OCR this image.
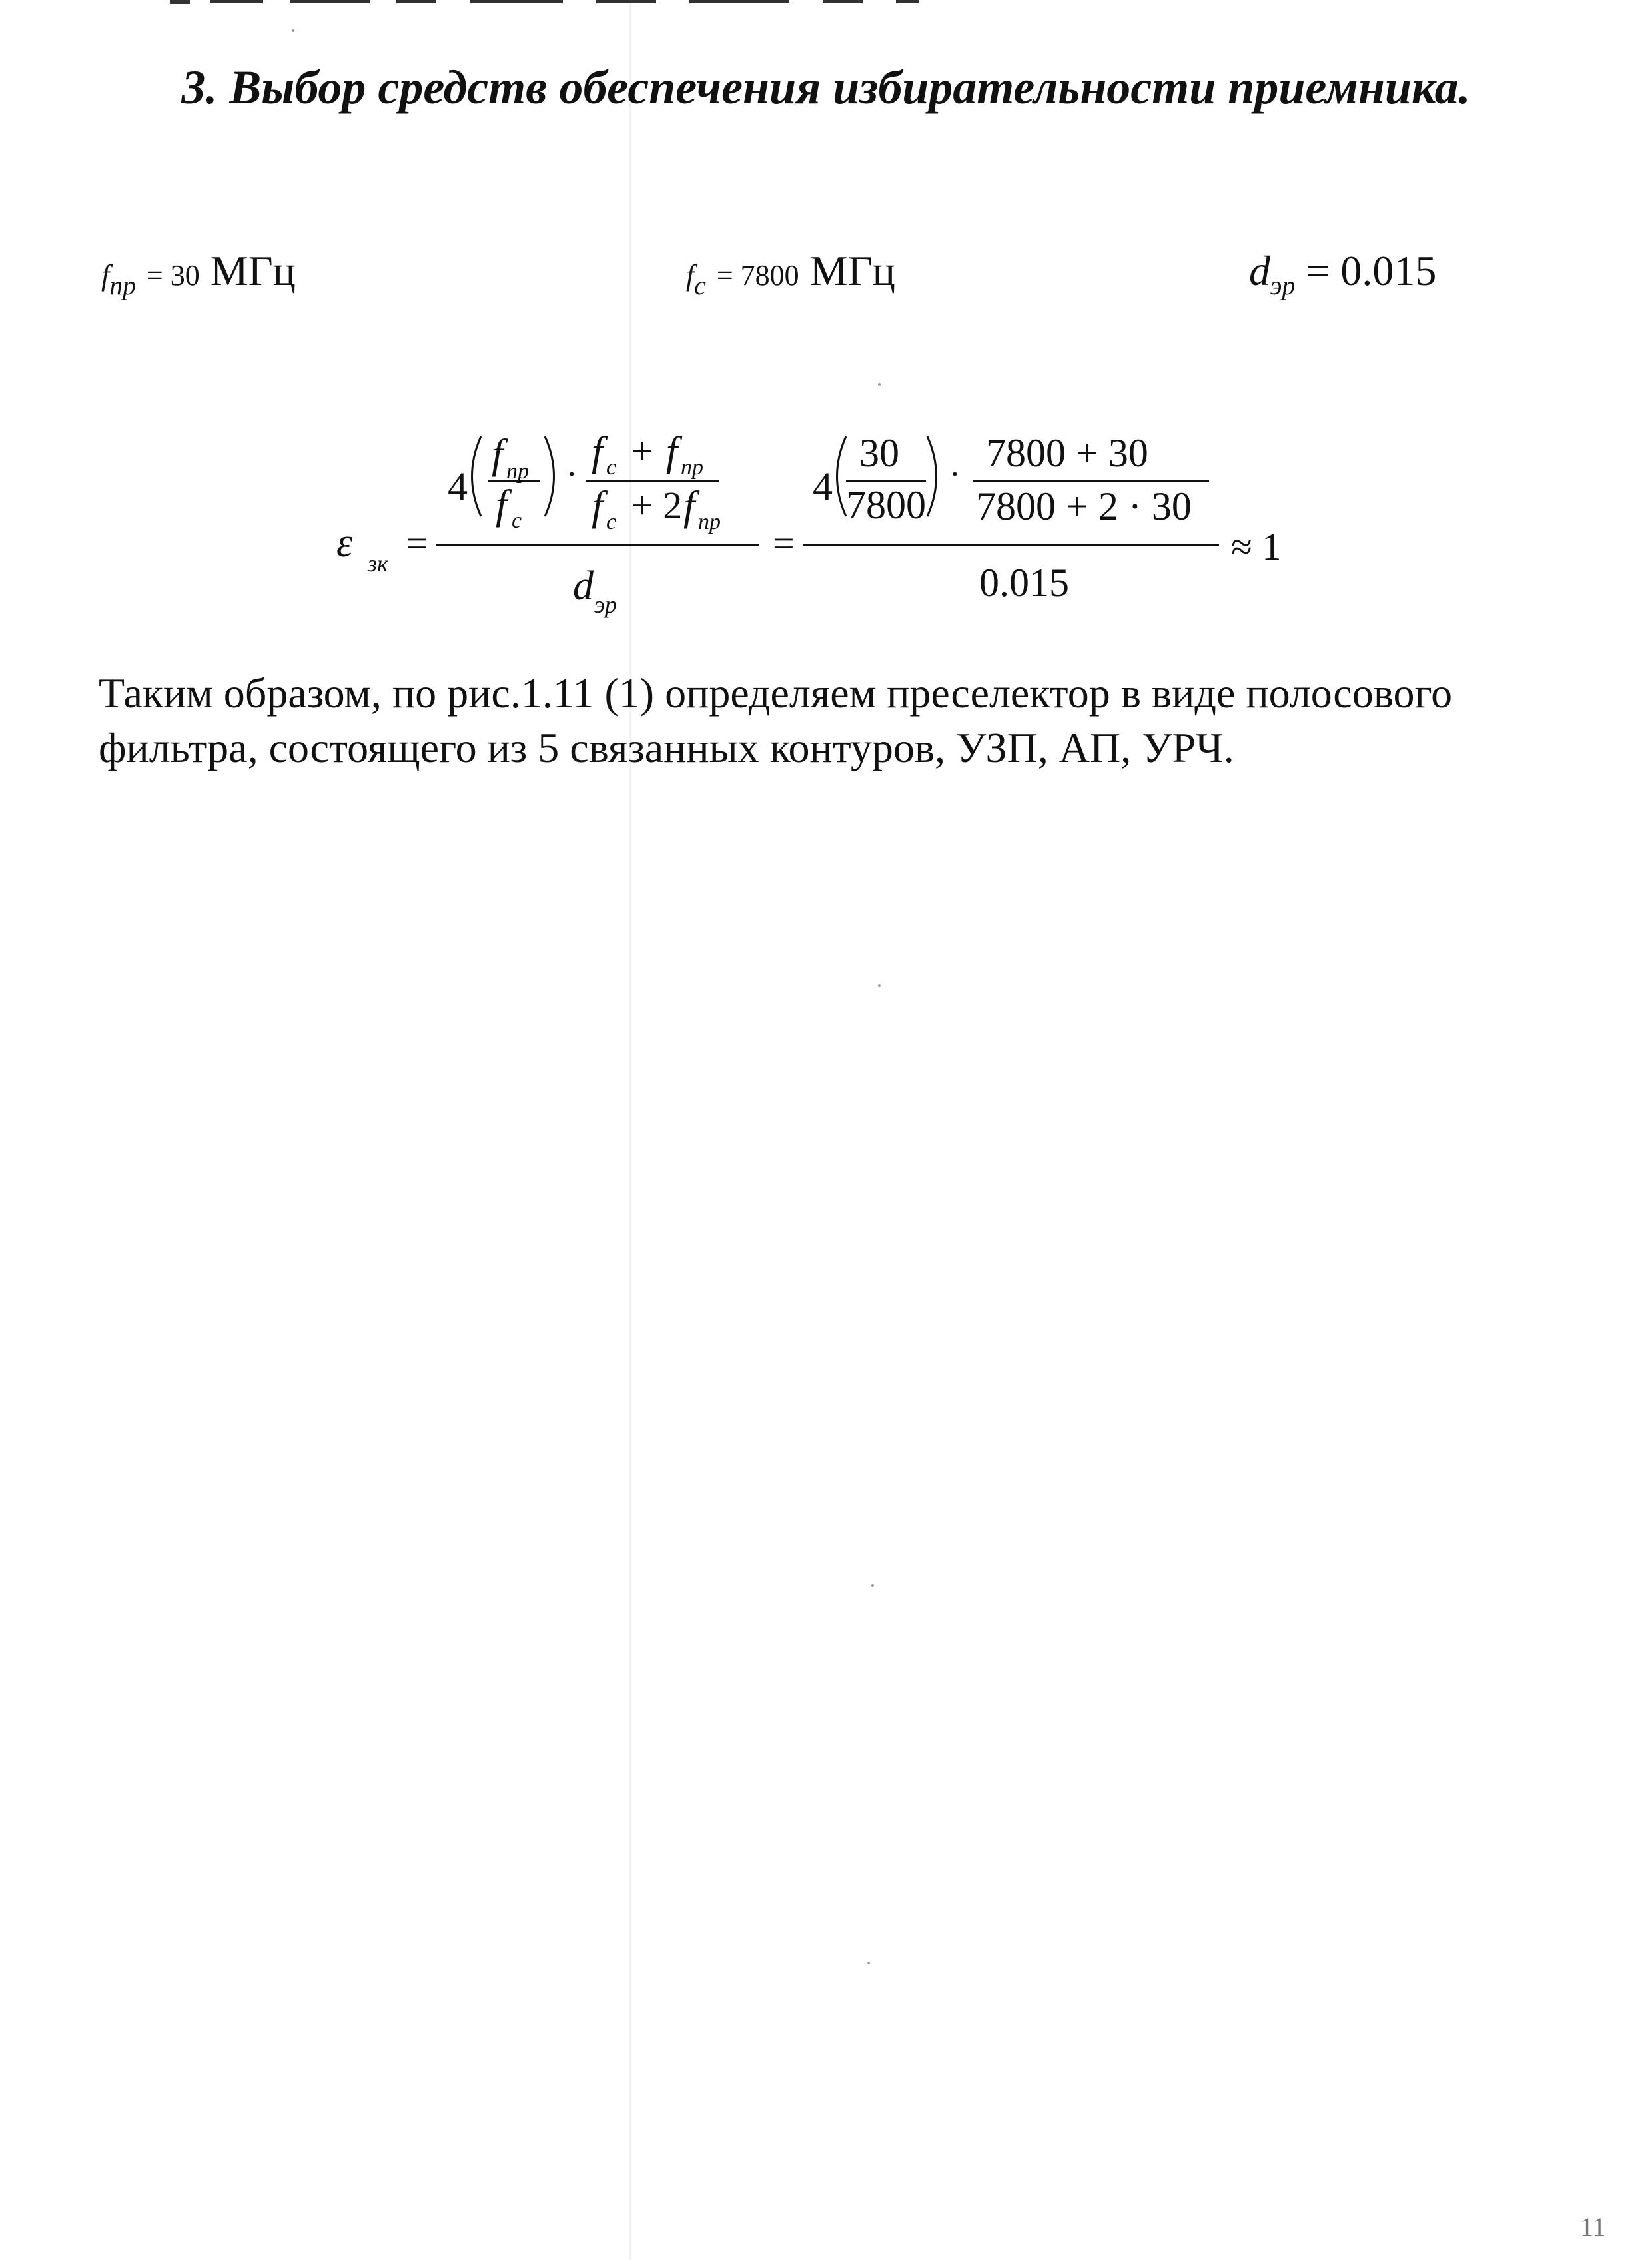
3. Выбор средств обеспечения избирательности приемника.
$f_{пр} = 30$ МГц	$f_с = 7800$ МГц	$d_{эр} = 0.015$
ε зк =
4
f пр
f с
· f с + f пр
f с + 2 f пр
d эр
=
4
30
7800
· 7800 + 30
7800 + 2 · 30
0.015
≈ 1
Таким образом, по рис.1.11 (1) определяем преселектор в виде полосового
фильтра, состоящего из 5 связанных контуров, УЗП, АП, УРЧ.
11
